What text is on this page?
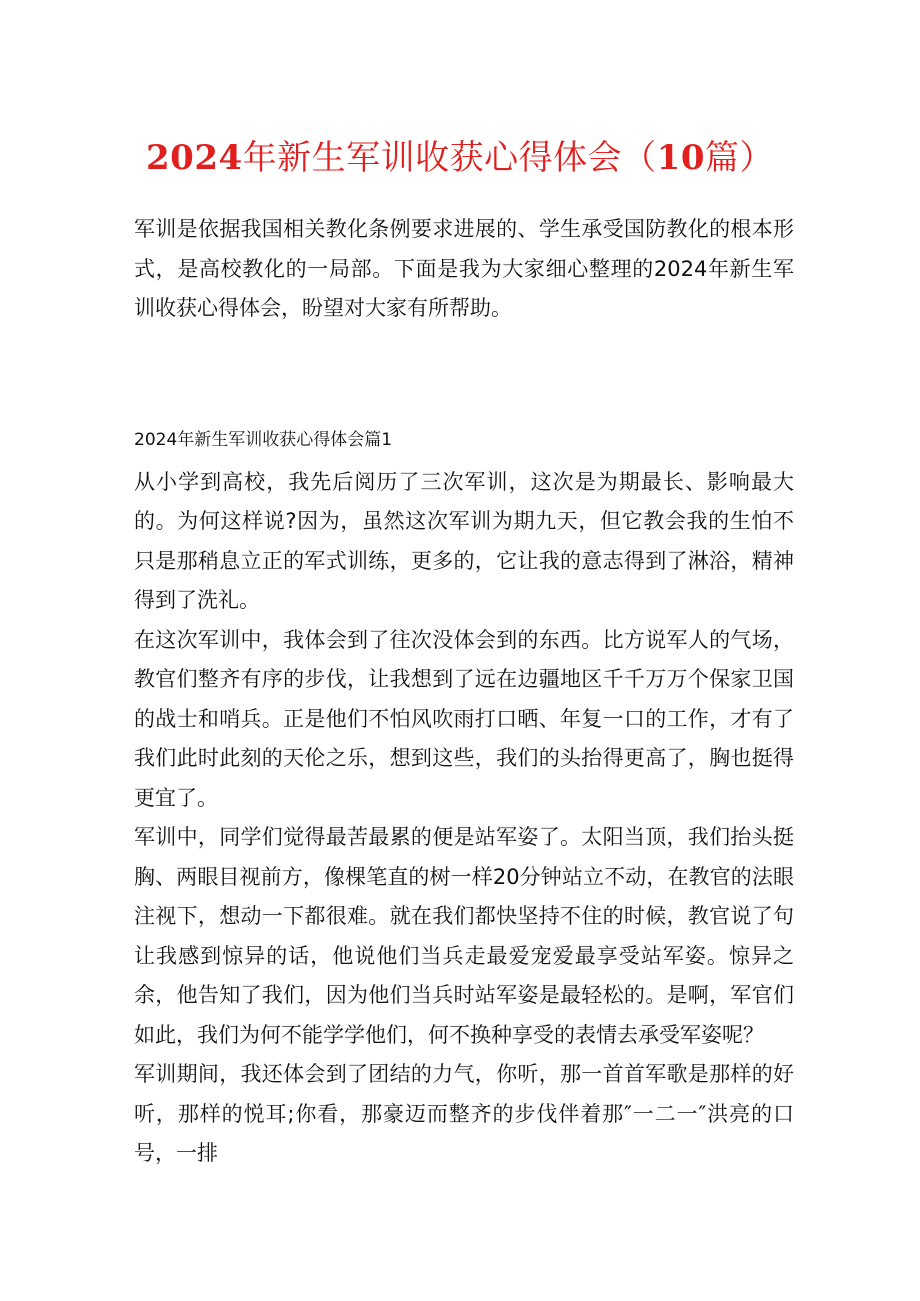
2024年新生军训收获心得体会（10篇）

军训是依据我国相关教化条例要求进展的、学生承受国防教化的根本形式，是高校教化的一局部。下面是我为大家细心整理的2024年新生军训收获心得体会，盼望对大家有所帮助。

2024年新生军训收获心得体会篇1

从小学到高校，我先后阅历了三次军训，这次是为期最长、影响最大的。为何这样说?因为，虽然这次军训为期九天，但它教会我的生怕不只是那稍息立正的军式训练，更多的，它让我的意志得到了淋浴，精神得到了洗礼。

在这次军训中，我体会到了往次没体会到的东西。比方说军人的气场，教官们整齐有序的步伐，让我想到了远在边疆地区千千万万个保家卫国的战士和哨兵。正是他们不怕风吹雨打口晒、年复一口的工作，才有了我们此时此刻的天伦之乐，想到这些，我们的头抬得更高了，胸也挺得更宜了。

军训中，同学们觉得最苦最累的便是站军姿了。太阳当顶，我们抬头挺胸、两眼目视前方，像棵笔直的树一样20分钟站立不动，在教官的法眼注视下，想动一下都很难。就在我们都快坚持不住的时候，教官说了句让我感到惊异的话，他说他们当兵走最爱宠爱最享受站军姿。惊异之余，他告知了我们，因为他们当兵时站军姿是最轻松的。是啊，军官们如此，我们为何不能学学他们，何不换种享受的表情去承受军姿呢？

军训期间，我还体会到了团结的力气，你听，那一首首军歌是那样的好听，那样的悦耳;你看，那豪迈而整齐的步伐伴着那″一二一″洪亮的口号，一排
